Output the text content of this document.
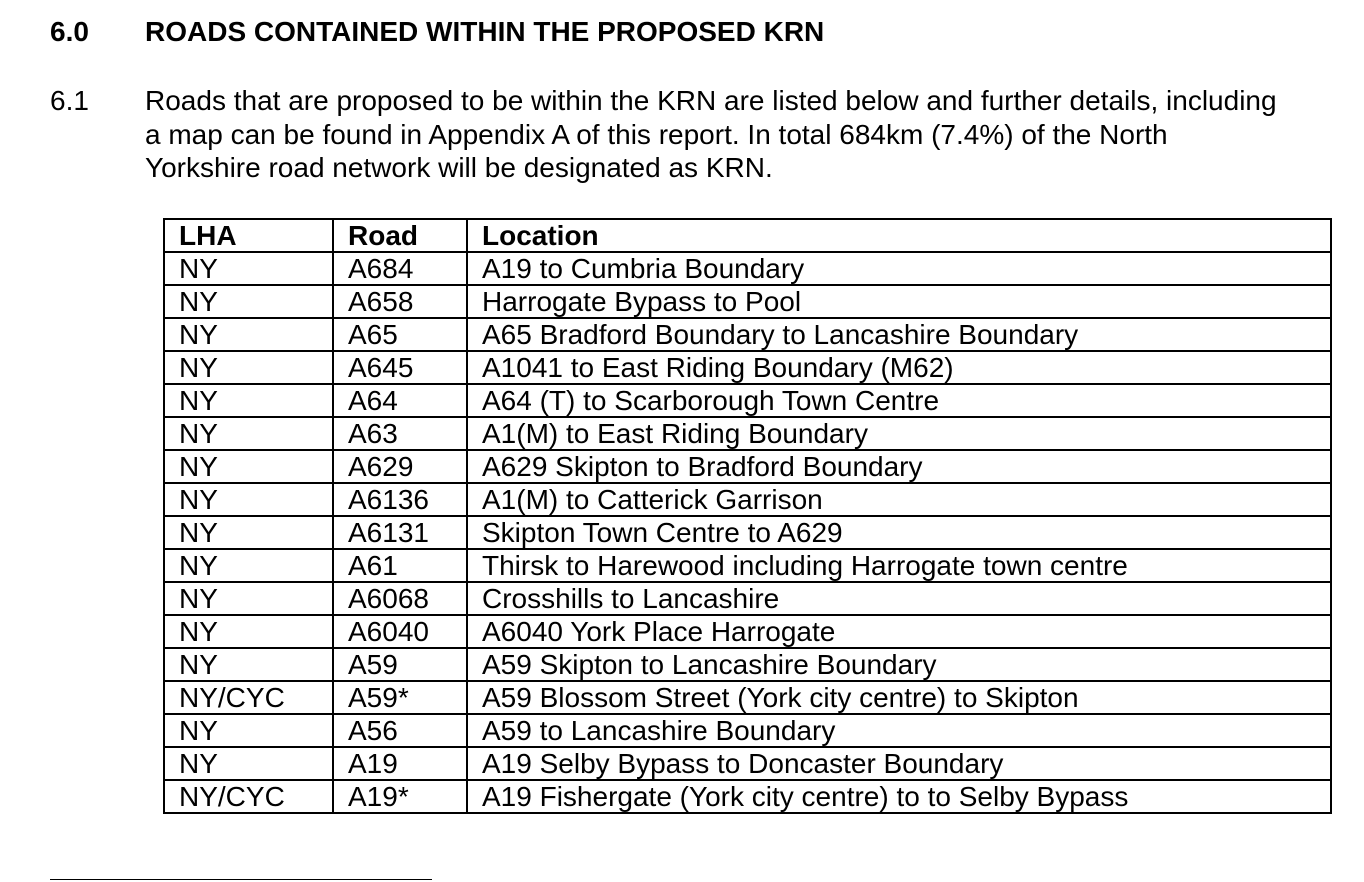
6.0 ROADS CONTAINED WITHIN THE PROPOSED KRN
6.1 Roads that are proposed to be within the KRN are listed below and further details, including
a map can be found in Appendix A of this report. In total 684km (7.4%) of the North
Yorkshire road network will be designated as KRN.
LHA	Road	Location
NY	A684	A19 to Cumbria Boundary
NY	A658	Harrogate Bypass to Pool
NY	A65	A65 Bradford Boundary to Lancashire Boundary
NY	A645	A1041 to East Riding Boundary (M62)
NY	A64	A64 (T) to Scarborough Town Centre
NY	A63	A1(M) to East Riding Boundary
NY	A629	A629 Skipton to Bradford Boundary
NY	A6136	A1(M) to Catterick Garrison
NY	A6131	Skipton Town Centre to A629
NY	A61	Thirsk to Harewood including Harrogate town centre
NY	A6068	Crosshills to Lancashire
NY	A6040	A6040 York Place Harrogate
NY	A59	A59 Skipton to Lancashire Boundary
NY/CYC	A59*	A59 Blossom Street (York city centre) to Skipton
NY	A56	A59 to Lancashire Boundary
NY	A19	A19 Selby Bypass to Doncaster Boundary
NY/CYC	A19*	A19 Fishergate (York city centre) to to Selby Bypass
